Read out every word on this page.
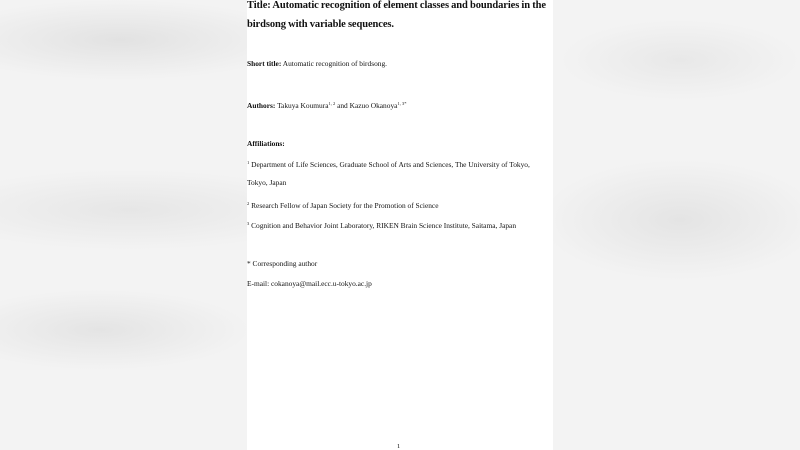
Title: Automatic recognition of element classes and boundaries in the
birdsong with variable sequences.
Short title: Automatic recognition of birdsong.
Authors: Takuya Koumura$^{1, 2}$ and Kazuo Okanoya$^{1, 3*}$
Affiliations:
$^1$ Department of Life Sciences, Graduate School of Arts and Sciences, The University of Tokyo,
Tokyo, Japan
$^2$ Research Fellow of Japan Society for the Promotion of Science
$^3$ Cognition and Behavior Joint Laboratory, RIKEN Brain Science Institute, Saitama, Japan
* Corresponding author
E-mail: cokanoya@mail.ecc.u-tokyo.ac.jp
1
